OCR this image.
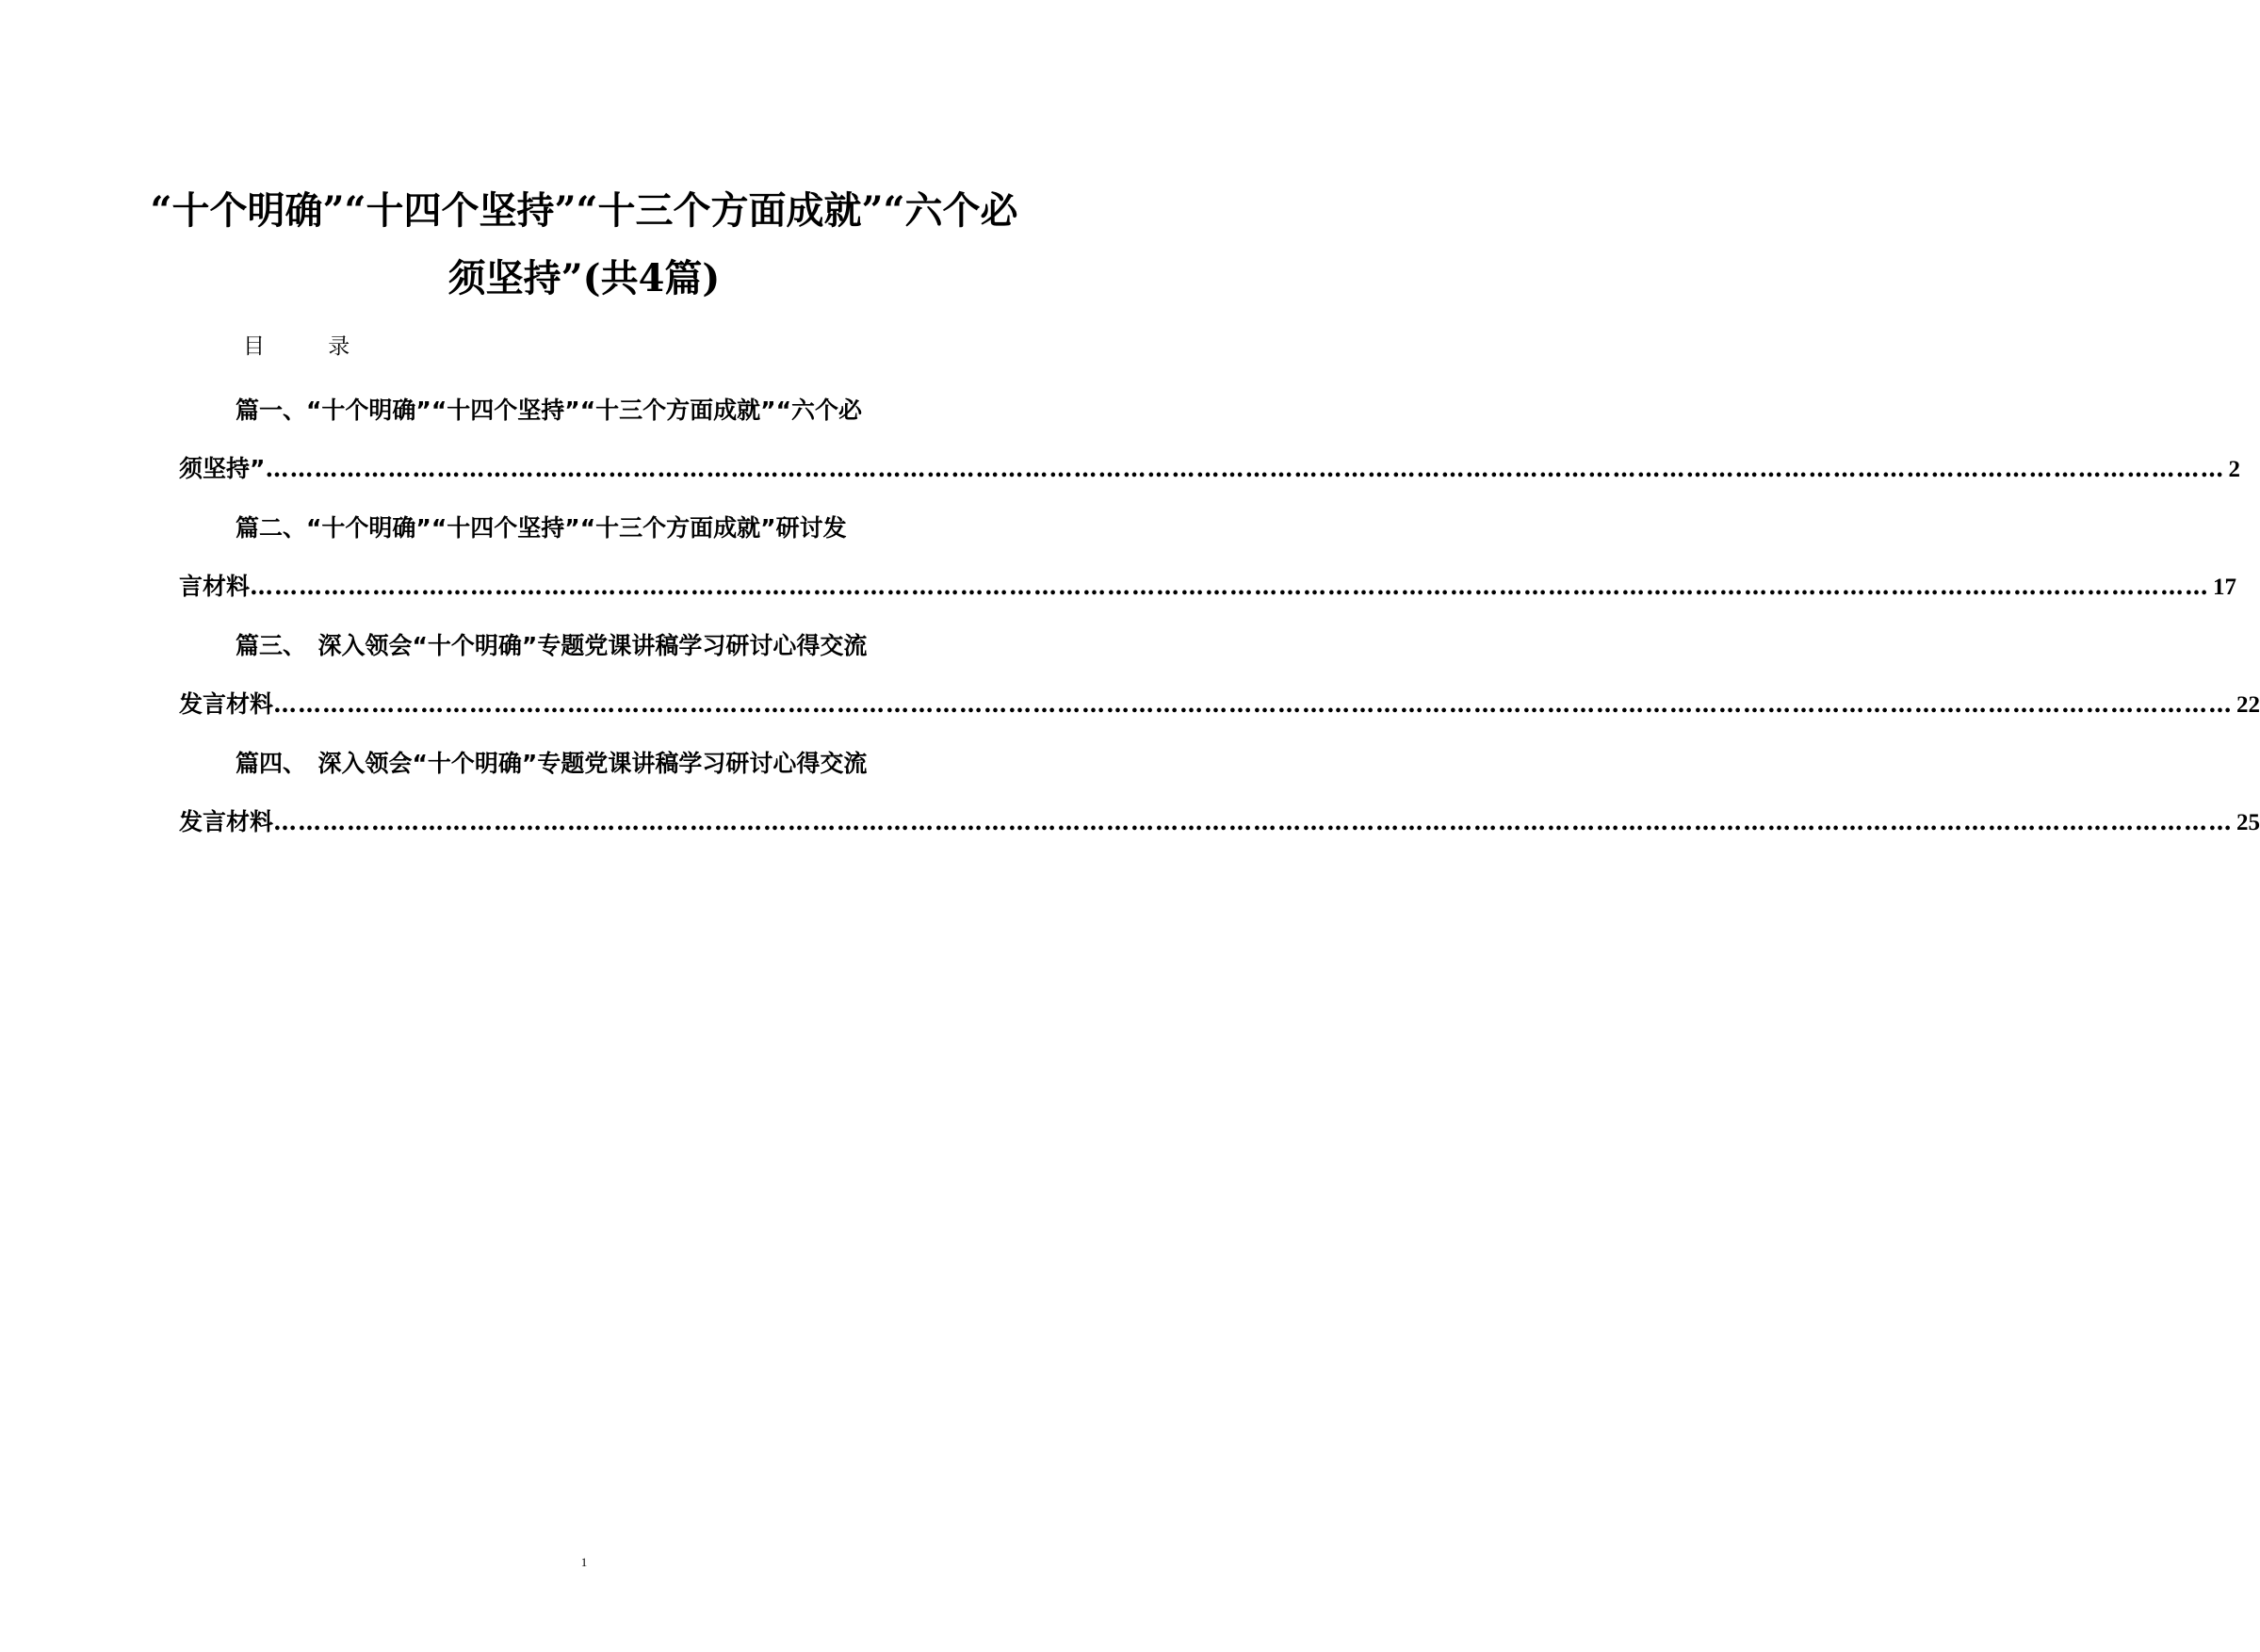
“十个明确”“十四个坚持”“十三个方面成就”“六个必须坚持”(共4篇)
目 录
篇一、“十个明确”“十四个坚持”“十三个方面成就”“六个必
须坚持” …………………………………………………………………………………………………………………………………………………………………………………………………………………… 2
篇二、“十个明确”“十四个坚持”“十三个方面成就”研讨发
言材料 …………………………………………………………………………………………………………………………………………………………………………………………………………………… 17
篇三、　深入领会“十个明确”专题党课讲稿学习研讨心得交流
发言材料 …………………………………………………………………………………………………………………………………………………………………………………………………………………… 22
篇四、　深入领会“十个明确”专题党课讲稿学习研讨心得交流
发言材料 …………………………………………………………………………………………………………………………………………………………………………………………………………………… 25
1
